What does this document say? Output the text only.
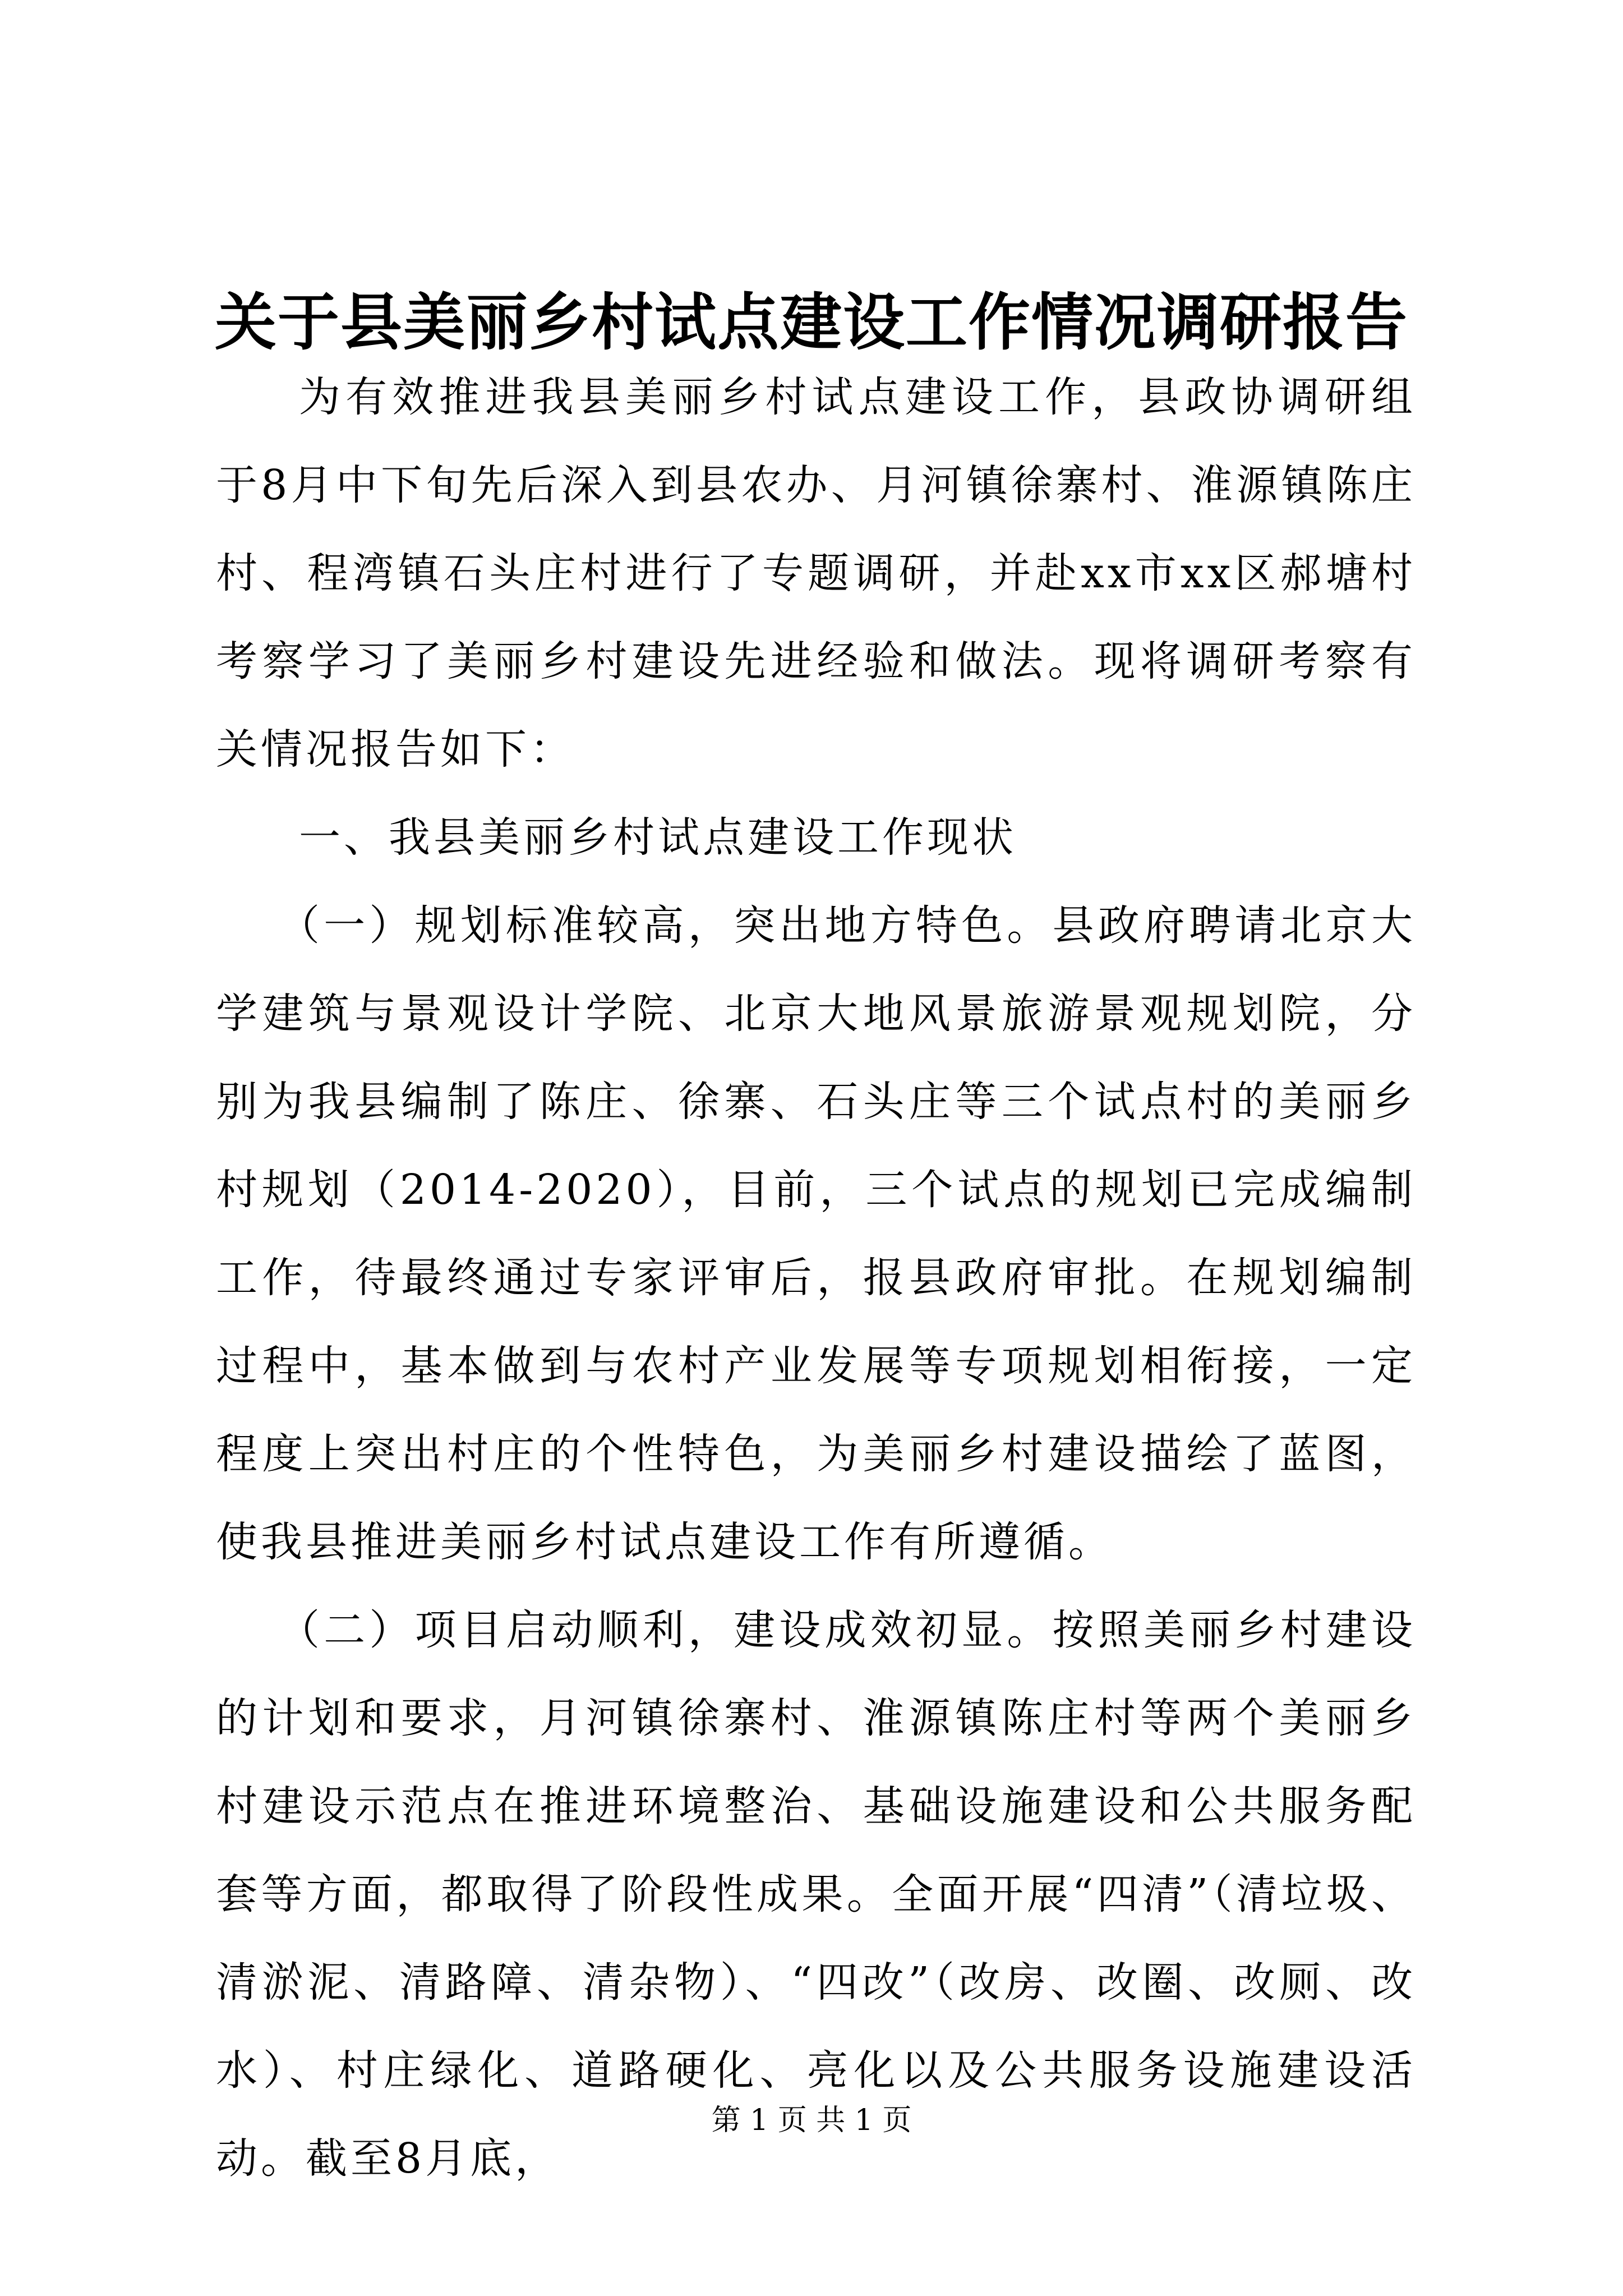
关于县美丽乡村试点建设工作情况调研报告

为有效推进我县美丽乡村试点建设工作，县政协调研组于8月中下旬先后深入到县农办、月河镇徐寨村、淮源镇陈庄村、程湾镇石头庄村进行了专题调研，并赴xx市xx区郝塘村考察学习了美丽乡村建设先进经验和做法。现将调研考察有关情况报告如下：

一、我县美丽乡村试点建设工作现状

（一）规划标准较高，突出地方特色。县政府聘请北京大学建筑与景观设计学院、北京大地风景旅游景观规划院，分别为我县编制了陈庄、徐寨、石头庄等三个试点村的美丽乡村规划（2014-2020），目前，三个试点的规划已完成编制工作，待最终通过专家评审后，报县政府审批。在规划编制过程中，基本做到与农村产业发展等专项规划相衔接，一定程度上突出村庄的个性特色，为美丽乡村建设描绘了蓝图，使我县推进美丽乡村试点建设工作有所遵循。

（二）项目启动顺利，建设成效初显。按照美丽乡村建设的计划和要求，月河镇徐寨村、淮源镇陈庄村等两个美丽乡村建设示范点在推进环境整治、基础设施建设和公共服务配套等方面，都取得了阶段性成果。全面开展“四清”（清垃圾、清淤泥、清路障、清杂物）、“四改”（改房、改圈、改厕、改水）、村庄绿化、道路硬化、亮化以及公共服务设施建设活动。截至8月底，

第 1 页 共 1 页
